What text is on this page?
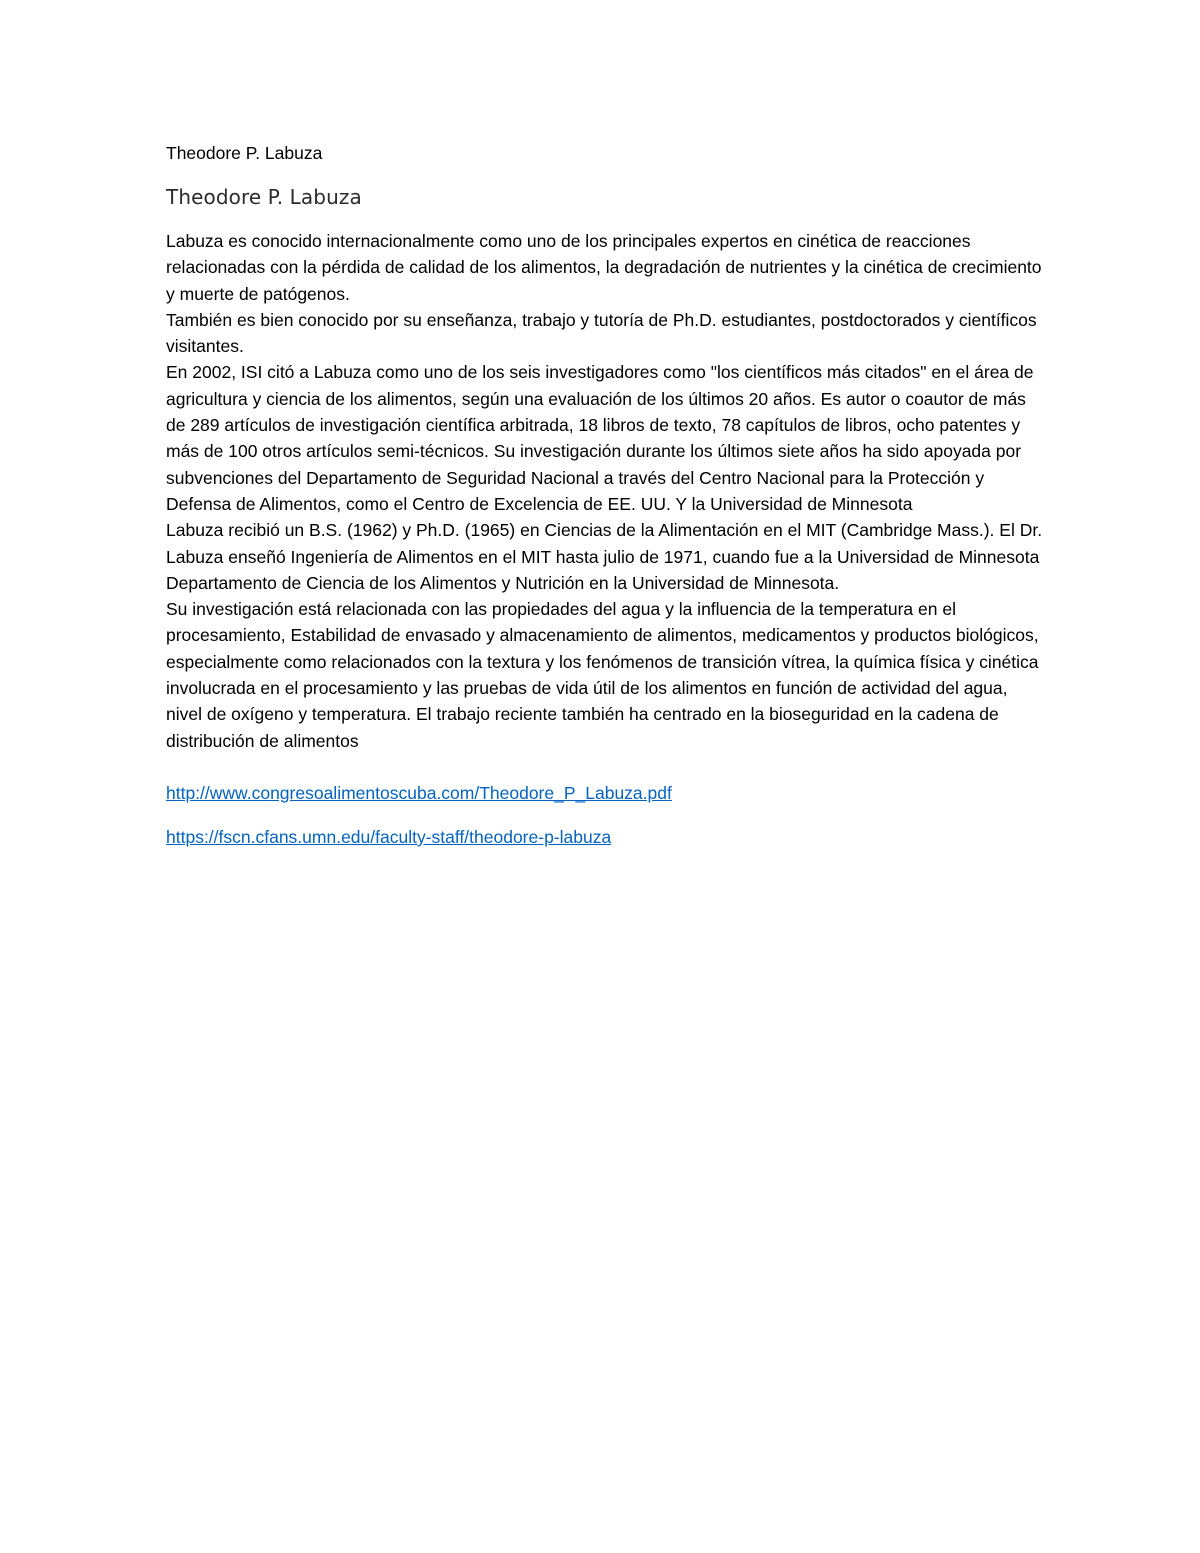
Theodore P. Labuza
Theodore P. Labuza

Labuza es conocido internacionalmente como uno de los principales expertos en cinética de reacciones relacionadas con la pérdida de calidad de los alimentos, la degradación de nutrientes y la cinética de crecimiento y muerte de patógenos.

También es bien conocido por su enseñanza, trabajo y tutoría de Ph.D. estudiantes, postdoctorados y científicos visitantes.

En 2002, ISI citó a Labuza como uno de los seis investigadores como "los científicos más citados" en el área de agricultura y ciencia de los alimentos, según una evaluación de los últimos 20 años. Es autor o coautor de más de 289 artículos de investigación científica arbitrada, 18 libros de texto, 78 capítulos de libros, ocho patentes y más de 100 otros artículos semi-técnicos. Su investigación durante los últimos siete años ha sido apoyada por subvenciones del Departamento de Seguridad Nacional a través del Centro Nacional para la Protección y Defensa de Alimentos, como el Centro de Excelencia de EE. UU. Y la Universidad de Minnesota

Labuza recibió un B.S. (1962) y Ph.D. (1965) en Ciencias de la Alimentación en el MIT (Cambridge Mass.). El Dr. Labuza enseñó Ingeniería de Alimentos en el MIT hasta julio de 1971, cuando fue a la Universidad de Minnesota Departamento de Ciencia de los Alimentos y Nutrición en la Universidad de Minnesota.

Su investigación está relacionada con las propiedades del agua y la influencia de la temperatura en el procesamiento, Estabilidad de envasado y almacenamiento de alimentos, medicamentos y productos biológicos, especialmente como relacionados con la textura y los fenómenos de transición vítrea, la química física y cinética involucrada en el procesamiento y las pruebas de vida útil de los alimentos en función de actividad del agua, nivel de oxígeno y temperatura. El trabajo reciente también ha centrado en la bioseguridad en la cadena de distribución de alimentos

http://www.congresoalimentoscuba.com/Theodore_P_Labuza.pdf
https://fscn.cfans.umn.edu/faculty-staff/theodore-p-labuza
